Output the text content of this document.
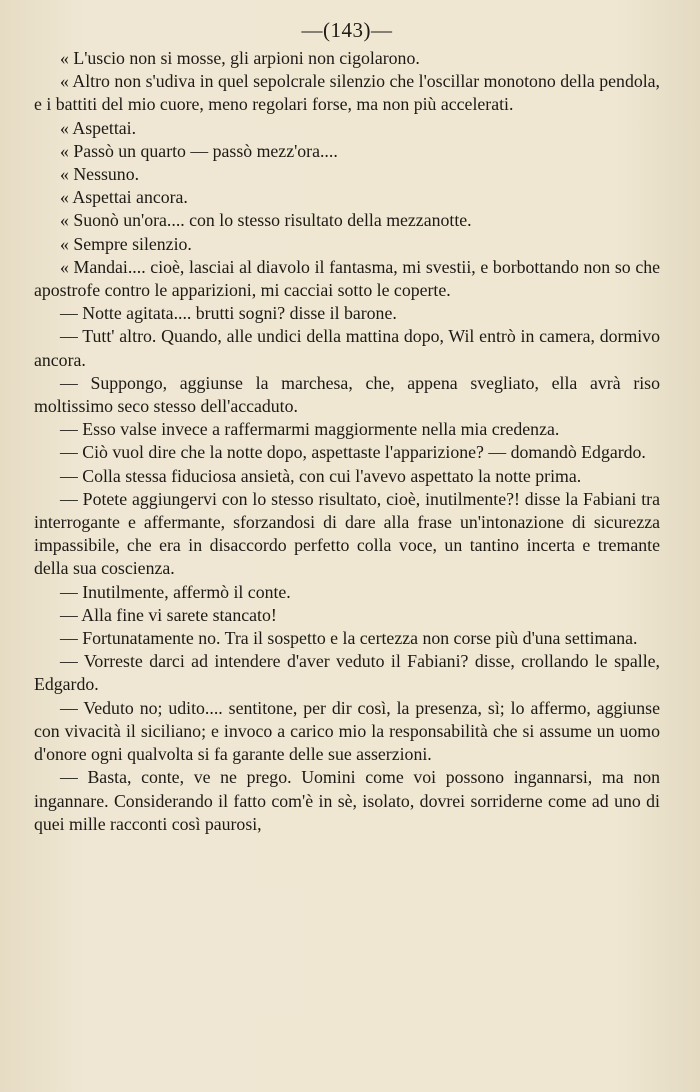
—(143)—

« L'uscio non si mosse, gli arpioni non cigolarono.

« Altro non s'udiva in quel sepolcrale silenzio che l'oscillar monotono della pendola, e i battiti del mio cuore, meno regolari forse, ma non più accelerati.

« Aspettai.

« Passò un quarto — passò mezz'ora....

« Nessuno.

« Aspettai ancora.

« Suonò un'ora.... con lo stesso risultato della mezzanotte.

« Sempre silenzio.

« Mandai.... cioè, lasciai al diavolo il fantasma, mi svestii, e borbottando non so che apostrofe contro le apparizioni, mi cacciai sotto le coperte.

— Notte agitata.... brutti sogni? disse il barone.

— Tutt' altro. Quando, alle undici della mattina dopo, Wil entrò in camera, dormivo ancora.

— Suppongo, aggiunse la marchesa, che, appena svegliato, ella avrà riso moltissimo seco stesso dell'accaduto.

— Esso valse invece a raffermarmi maggiormente nella mia credenza.

— Ciò vuol dire che la notte dopo, aspettaste l'apparizione? — domandò Edgardo.

— Colla stessa fiduciosa ansietà, con cui l'avevo aspettato la notte prima.

— Potete aggiungervi con lo stesso risultato, cioè, inutilmente?! disse la Fabiani tra interrogante e affermante, sforzandosi di dare alla frase un'intonazione di sicurezza impassibile, che era in disaccordo perfetto colla voce, un tantino incerta e tremante della sua coscienza.

— Inutilmente, affermò il conte.

— Alla fine vi sarete stancato!

— Fortunatamente no. Tra il sospetto e la certezza non corse più d'una settimana.

— Vorreste darci ad intendere d'aver veduto il Fabiani? disse, crollando le spalle, Edgardo.

— Veduto no; udito.... sentitone, per dir così, la presenza, sì; lo affermo, aggiunse con vivacità il siciliano; e invoco a carico mio la responsabilità che si assume un uomo d'onore ogni qualvolta si fa garante delle sue asserzioni.

— Basta, conte, ve ne prego. Uomini come voi possono ingannarsi, ma non ingannare. Considerando il fatto com'è in sè, isolato, dovrei sorriderne come ad uno di quei mille racconti così paurosi,
